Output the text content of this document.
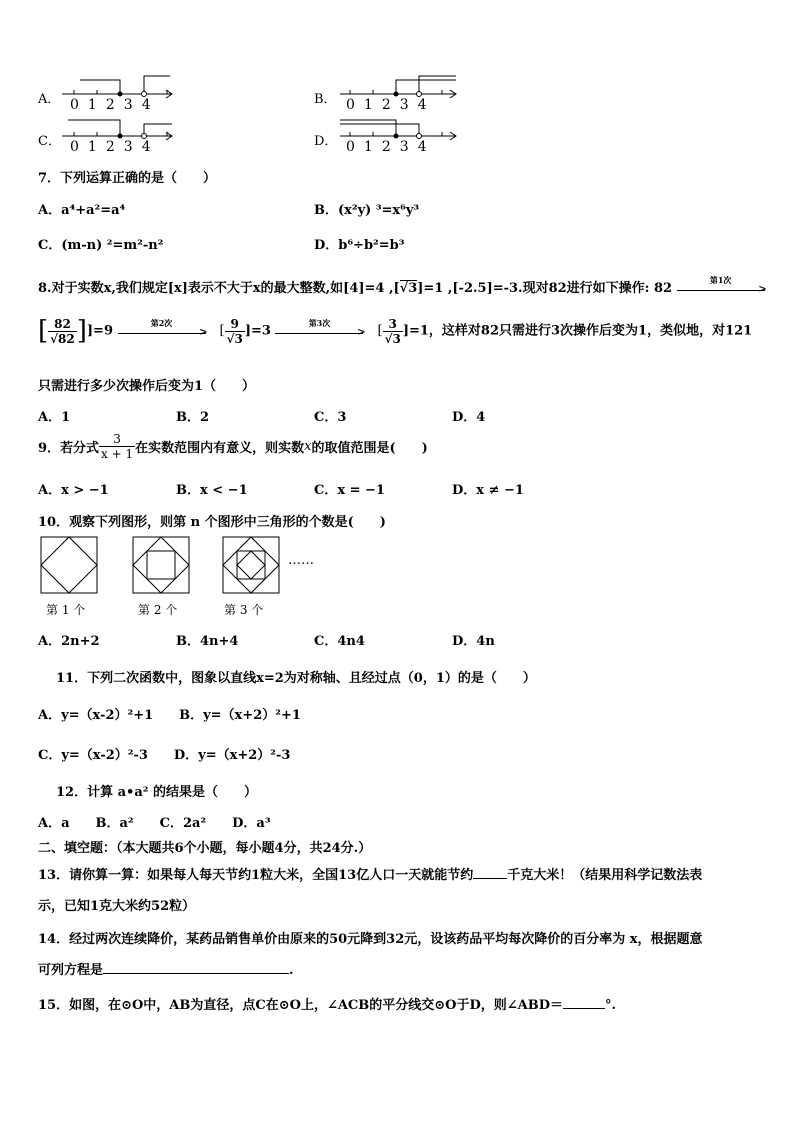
A． 01234	B． 01234
C． 01234	D． 01234
7．下列运算正确的是（　　）
A．a⁴+a²=a⁴	B．(x²y) ³=x⁶y³
C．(m-n) ²=m²-n²	D．b⁶÷b²=b³
8.对于实数x,我们规定[x]表示不大于x的最大整数,如[4]=4 ,[√3]=1 ,[-2.5]=-3.现对82进行如下操作: 82
第1次
>
[ $\frac{82}{√82} ]]=9$
第2次
> [ $\frac{9}{√3} ]=3$
第3次
> [ $\frac{3}{√3} ]=1$，这样对82只需进行3次操作后变为1，类似地，对121
只需进行多少次操作后变为1（　　）
A．1	B．2	C．3	D．4
9．若分式 $\frac{3}{x + 1}$ 在实数范围内有意义，则实数x的取值范围是(　　)
A．x > −1	B．x < −1	C．x = −1	D．x ≠ −1
10．观察下列图形，则第 n 个图形中三角形的个数是(　　)
……
第 1 个	第 2 个	第 3 个
A．2n+2	B．4n+4	C．4n4	D．4n
11．下列二次函数中，图象以直线x=2为对称轴、且经过点（0，1）的是（　　）
A．y=（x-2）²+1　　B．y=（x+2）²+1
C．y=（x-2）²-3　　D．y=（x+2）²-3
12．计算 a•a² 的结果是（　　）
A．a　　B．a²　　C．2a²　　D．a³
二、填空题：（本大题共6个小题，每小题4分，共24分.）
13．请你算一算：如果每人每天节约1粒大米，全国13亿人口一天就能节约	千克大米！（结果用科学记数法表
示，已知1克大米约52粒）
14．经过两次连续降价，某药品销售单价由原来的50元降到32元，设该药品平均每次降价的百分率为 x，根据题意
可列方程是	.
15．如图，在⊙O中，AB为直径，点C在⊙O上，∠ACB的平分线交⊙O于D，则∠ABD＝	°.
